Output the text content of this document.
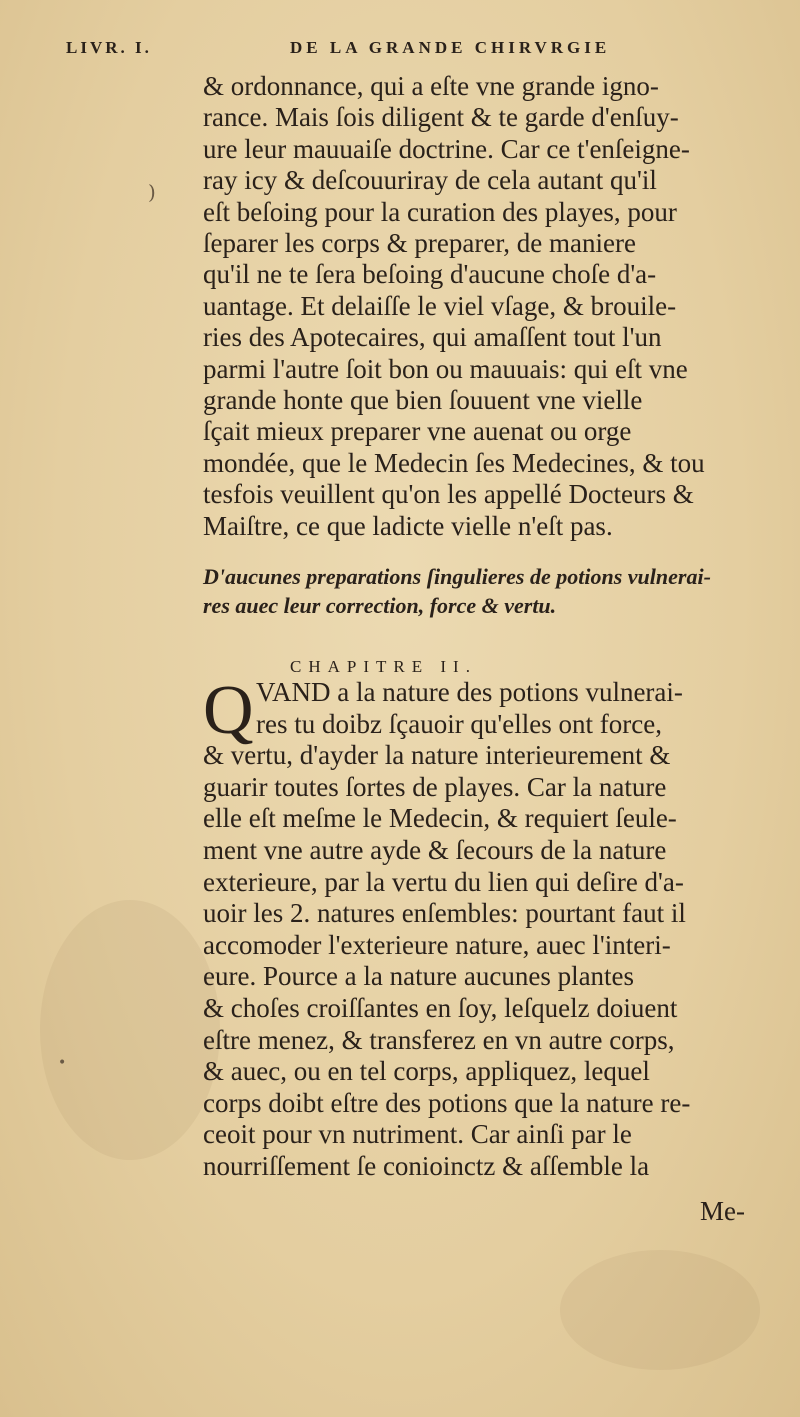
LIVR. I.	DE LA GRANDE CHIRVRGIE
& ordonnance, qui a eſte vne grande igno-
rance. Mais ſois diligent & te garde d'enſuy-
ure leur mauuaiſe doctrine. Car ce t'enſeigne-
ray icy & deſcouuriray de cela autant qu'il
eſt beſoing pour la curation des playes, pour
ſeparer les corps & preparer, de maniere
qu'il ne te ſera beſoing d'aucune choſe d'a-
uantage. Et delaiſſe le viel vſage, & brouile-
ries des Apotecaires, qui amaſſent tout l'un
parmi l'autre ſoit bon ou mauuais: qui eſt vne
grande honte que bien ſouuent vne vielle
ſçait mieux preparer vne auenat ou orge
mondée, que le Medecin ſes Medecines, & tou
tesfois veuillent qu'on les appellé Docteurs &
Maiſtre, ce que ladicte vielle n'eſt pas.
D'aucunes preparations ſingulieres de potions vulnerai-
res auec leur correction, force & vertu.
CHAPITRE II.
Q VAND a la nature des potions vulnerai-
res tu doibz ſçauoir qu'elles ont force,
& vertu, d'ayder la nature interieurement &
guarir toutes ſortes de playes. Car la nature
elle eſt meſme le Medecin, & requiert ſeule-
ment vne autre ayde & ſecours de la nature
exterieure, par la vertu du lien qui deſire d'a-
uoir les 2. natures enſembles: pourtant faut il
accomoder l'exterieure nature, auec l'interi-
eure. Pource a la nature aucunes plantes
& choſes croiſſantes en ſoy, leſquelz doiuent
eſtre menez, & transferez en vn autre corps,
& auec, ou en tel corps, appliquez, lequel
corps doibt eſtre des potions que la nature re-
ceoit pour vn nutriment. Car ainſi par le
nourriſſement ſe conioinctz & aſſemble la
Me-
)
•
